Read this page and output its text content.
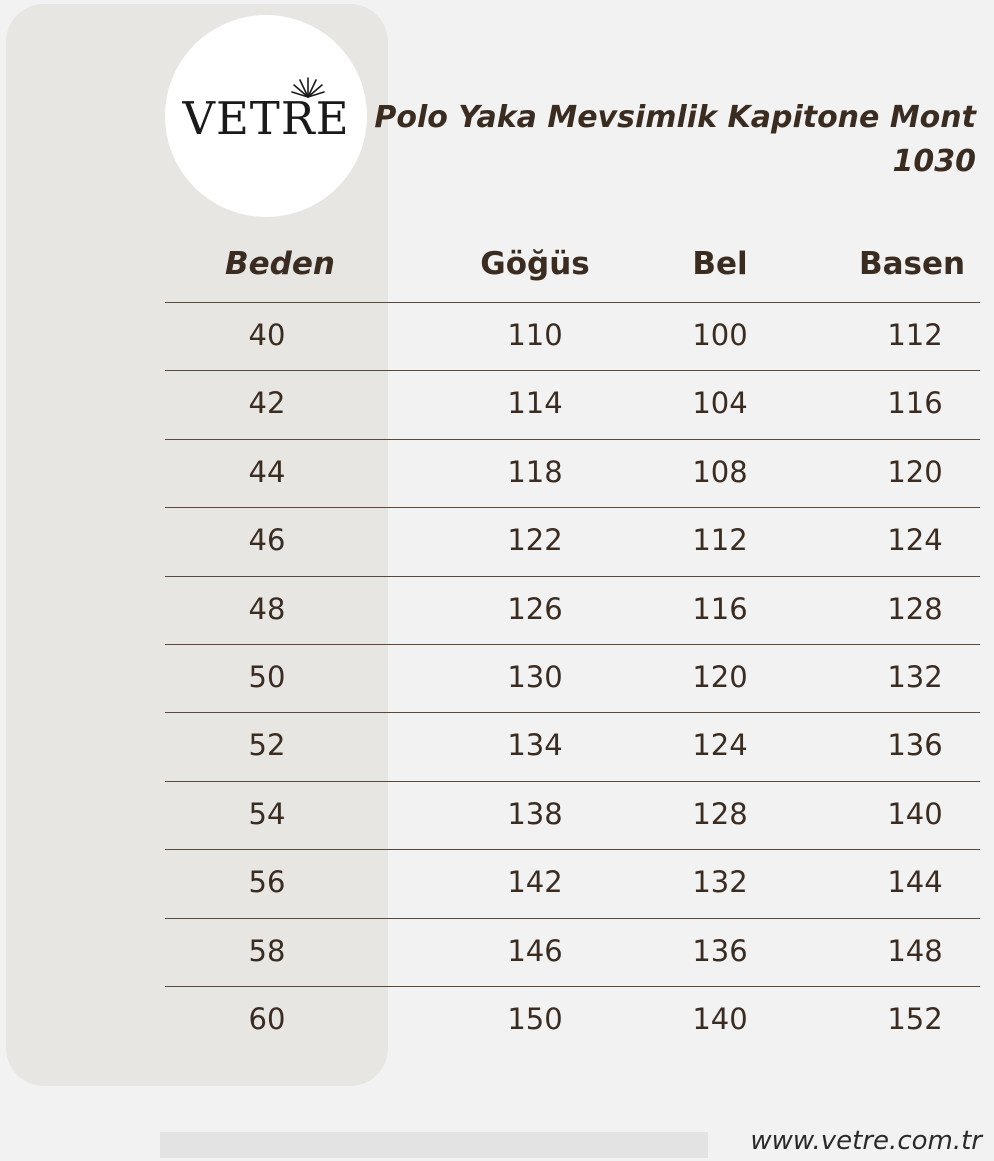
VETRE Polo Yaka Mevsimlik Kapitone Mont
1030
Beden	Göğüs	Bel	Basen
40	110	100	112
42	114	104	116
44	118	108	120
46	122	112	124
48	126	116	128
50	130	120	132
52	134	124	136
54	138	128	140
56	142	132	144
58	146	136	148
60	150	140	152
www.vetre.com.tr
